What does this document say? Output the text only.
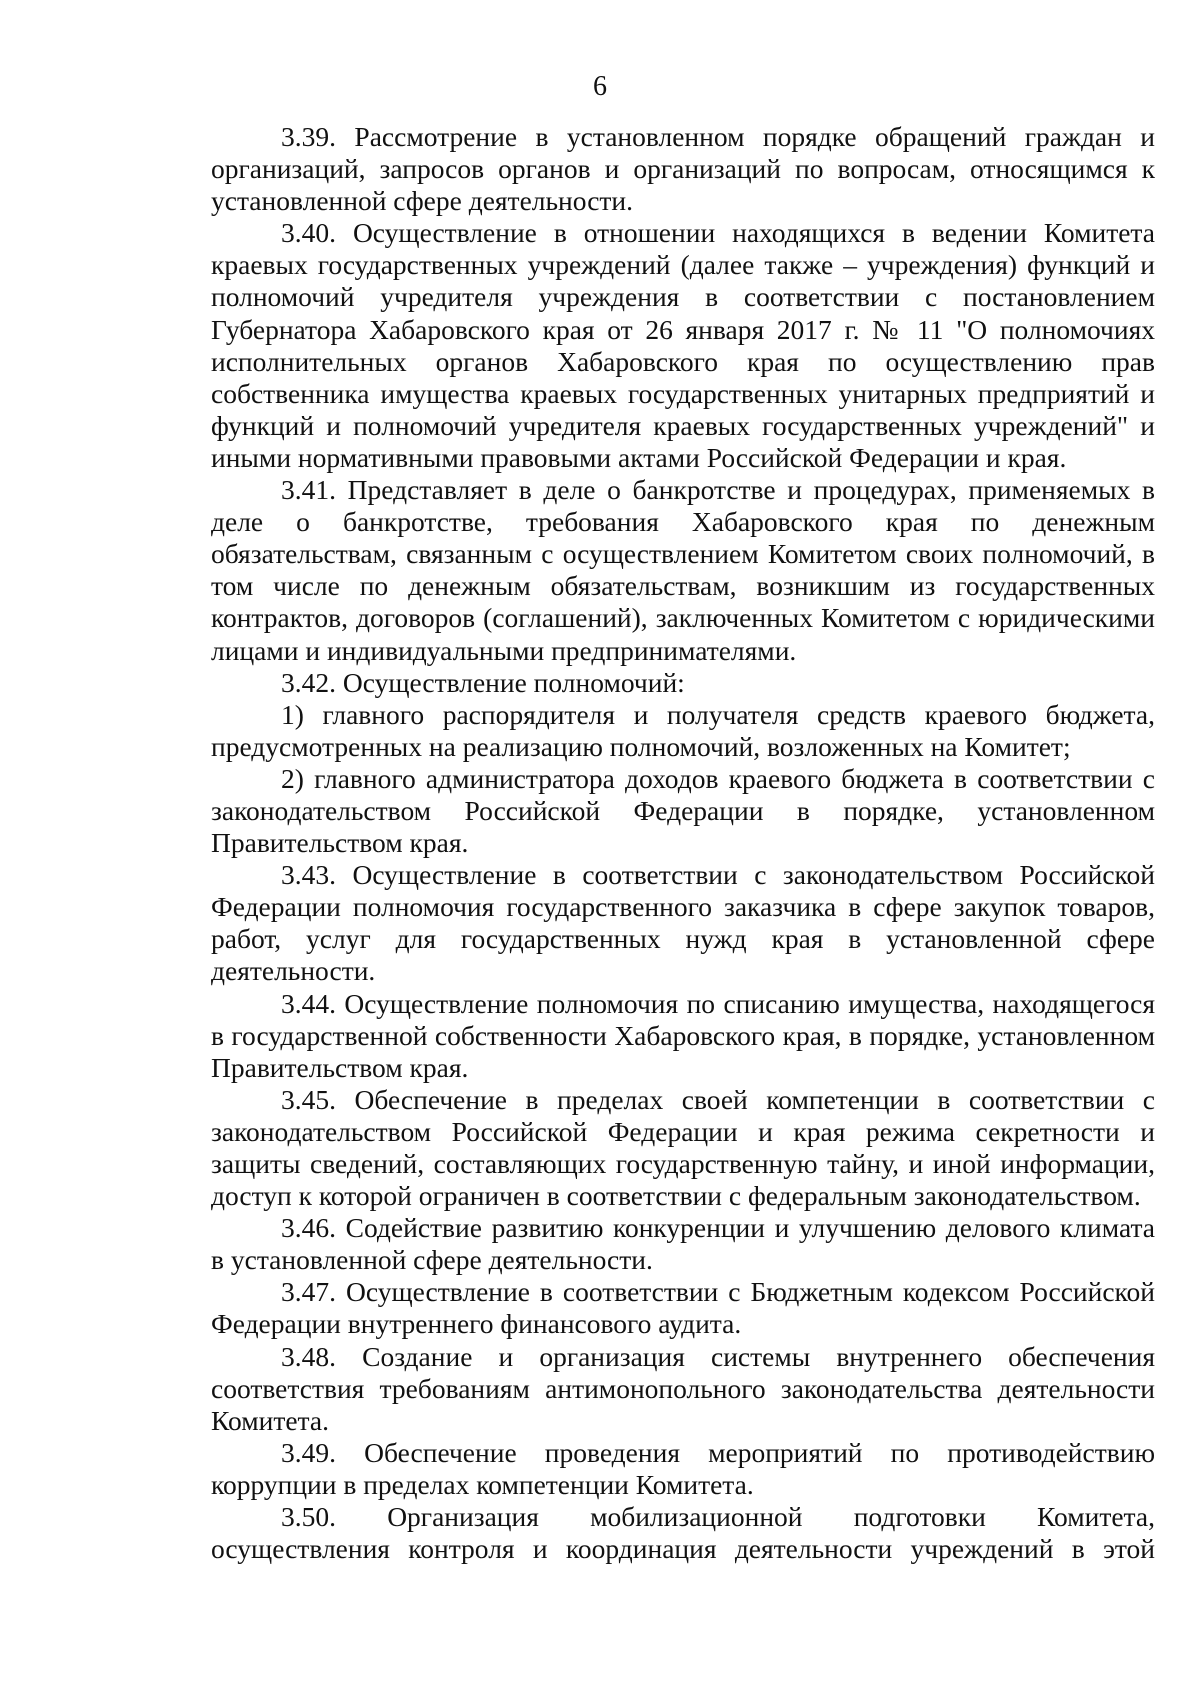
6

3.39. Рассмотрение в установленном порядке обращений граждан и организаций, запросов органов и организаций по вопросам, относящимся к установленной сфере деятельности.

3.40. Осуществление в отношении находящихся в ведении Комитета краевых государственных учреждений (далее также – учреждения) функций и полномочий учредителя учреждения в соответствии с постановлением Губернатора Хабаровского края от 26 января 2017 г. № 11 "О полномочиях исполнительных органов Хабаровского края по осуществлению прав собственника имущества краевых государственных унитарных предприятий и функций и полномочий учредителя краевых государственных учреждений" и иными нормативными правовыми актами Российской Федерации и края.

3.41. Представляет в деле о банкротстве и процедурах, применяемых в деле о банкротстве, требования Хабаровского края по денежным обязательствам, связанным с осуществлением Комитетом своих полномочий, в том числе по денежным обязательствам, возникшим из государственных контрактов, договоров (соглашений), заключенных Комитетом с юридическими лицами и индивидуальными предпринимателями.

3.42. Осуществление полномочий:

1) главного распорядителя и получателя средств краевого бюджета, предусмотренных на реализацию полномочий, возложенных на Комитет;

2) главного администратора доходов краевого бюджета в соответствии с законодательством Российской Федерации в порядке, установленном Правительством края.

3.43. Осуществление в соответствии с законодательством Российской Федерации полномочия государственного заказчика в сфере закупок товаров, работ, услуг для государственных нужд края в установленной сфере деятельности.

3.44. Осуществление полномочия по списанию имущества, находящегося в государственной собственности Хабаровского края, в порядке, установленном Правительством края.

3.45. Обеспечение в пределах своей компетенции в соответствии с законодательством Российской Федерации и края режима секретности и защиты сведений, составляющих государственную тайну, и иной информации, доступ к которой ограничен в соответствии с федеральным законодательством.

3.46. Содействие развитию конкуренции и улучшению делового климата в установленной сфере деятельности.

3.47. Осуществление в соответствии с Бюджетным кодексом Российской Федерации внутреннего финансового аудита.

3.48. Создание и организация системы внутреннего обеспечения соответствия требованиям антимонопольного законодательства деятельности Комитета.

3.49. Обеспечение проведения мероприятий по противодействию коррупции в пределах компетенции Комитета.

3.50. Организация мобилизационной подготовки Комитета, осуществления контроля и координация деятельности учреждений в этой
